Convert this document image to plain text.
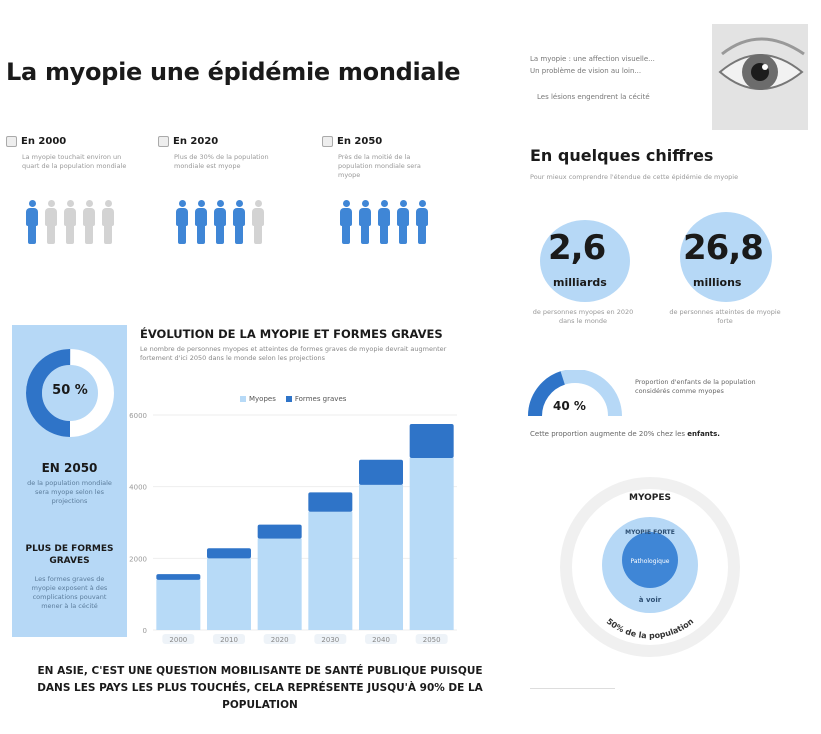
La myopie une épidémie mondiale	La myopie : une affection visuelle...
Un problème de vision au loin...
Les lésions engendrent la cécité
En 2000
La myopie touchait environ un quart de la population mondiale
En 2020
Plus de 30% de la population mondiale est myope
En 2050
Près de la moitié de la population mondiale sera myope
50 %
EN 2050
de la population mondiale sera myope selon les projections
PLUS DE FORMES GRAVES
Les formes graves de myopie exposent à des complications pouvant mener à la cécité
ÉVOLUTION DE LA MYOPIE ET FORMES GRAVES
Le nombre de personnes myopes et atteintes de formes graves de myopie devrait augmenter fortement d'ici 2050 dans le monde selon les projections
Myopes	Formes graves
6000
4000
2000
0
2000	2010	2020	2030	2040	2050
EN ASIE, C'EST UNE QUESTION MOBILISANTE DE SANTÉ PUBLIQUE PUISQUE DANS LES PAYS LES PLUS TOUCHÉS, CELA REPRÉSENTE JUSQU'À 90% DE LA POPULATION
En quelques chiffres
Pour mieux comprendre l'étendue de cette épidémie de myopie
2,6
milliards
de personnes myopes en 2020 dans le monde
26,8
millions
de personnes atteintes de myopie forte
40 %
Proportion d'enfants de la population considérés comme myopes
Cette proportion augmente de 20% chez les enfants.
MYOPES
MYOPIE FORTE
Pathologique
à voir
50% de la population
